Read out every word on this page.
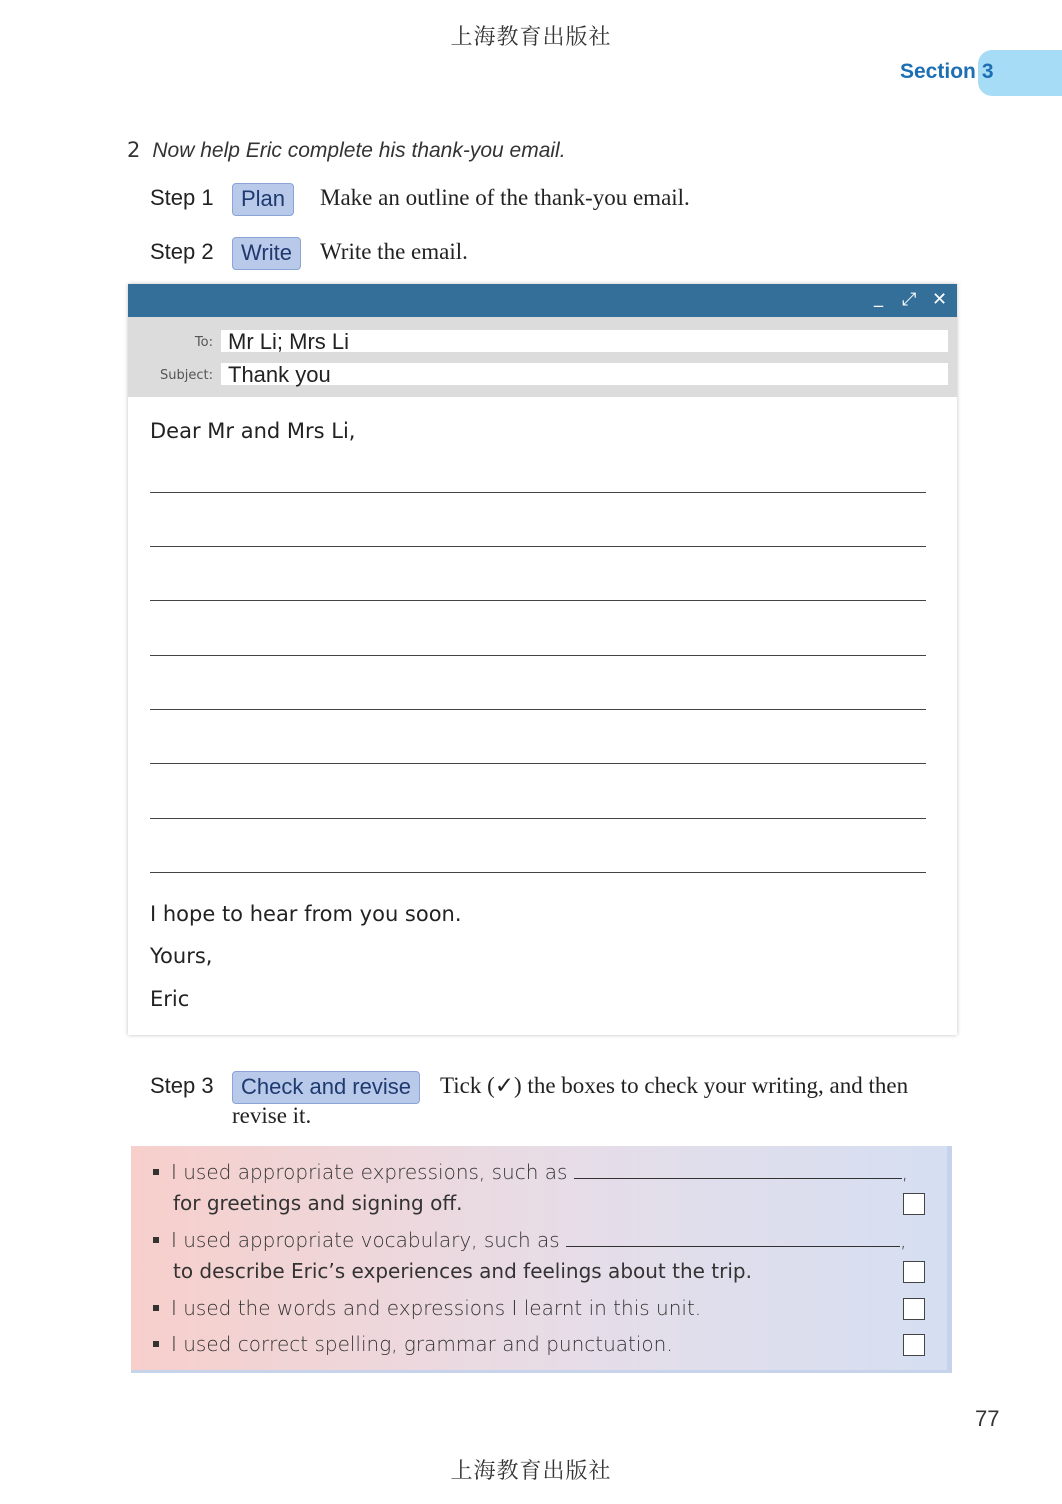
上海教育出版社
Section 3
2 Now help Eric complete his thank-you email.
Step 1	Plan	Make an outline of the thank-you email.
Step 2	Write	Write the email.
_ ⤢ ✕
To: Mr Li; Mrs Li
Subject: Thank you
Dear Mr and Mrs Li,
I hope to hear from you soon.
Yours,
Eric
Step 3	Check and revise	Tick (✓) the boxes to check your writing, and then
revise it.
I used appropriate expressions, such as	,
for greetings and signing off.
I used appropriate vocabulary, such as	,
to describe Eric’s experiences and feelings about the trip.
I used the words and expressions I learnt in this unit.
I used correct spelling, grammar and punctuation.
77
上海教育出版社
